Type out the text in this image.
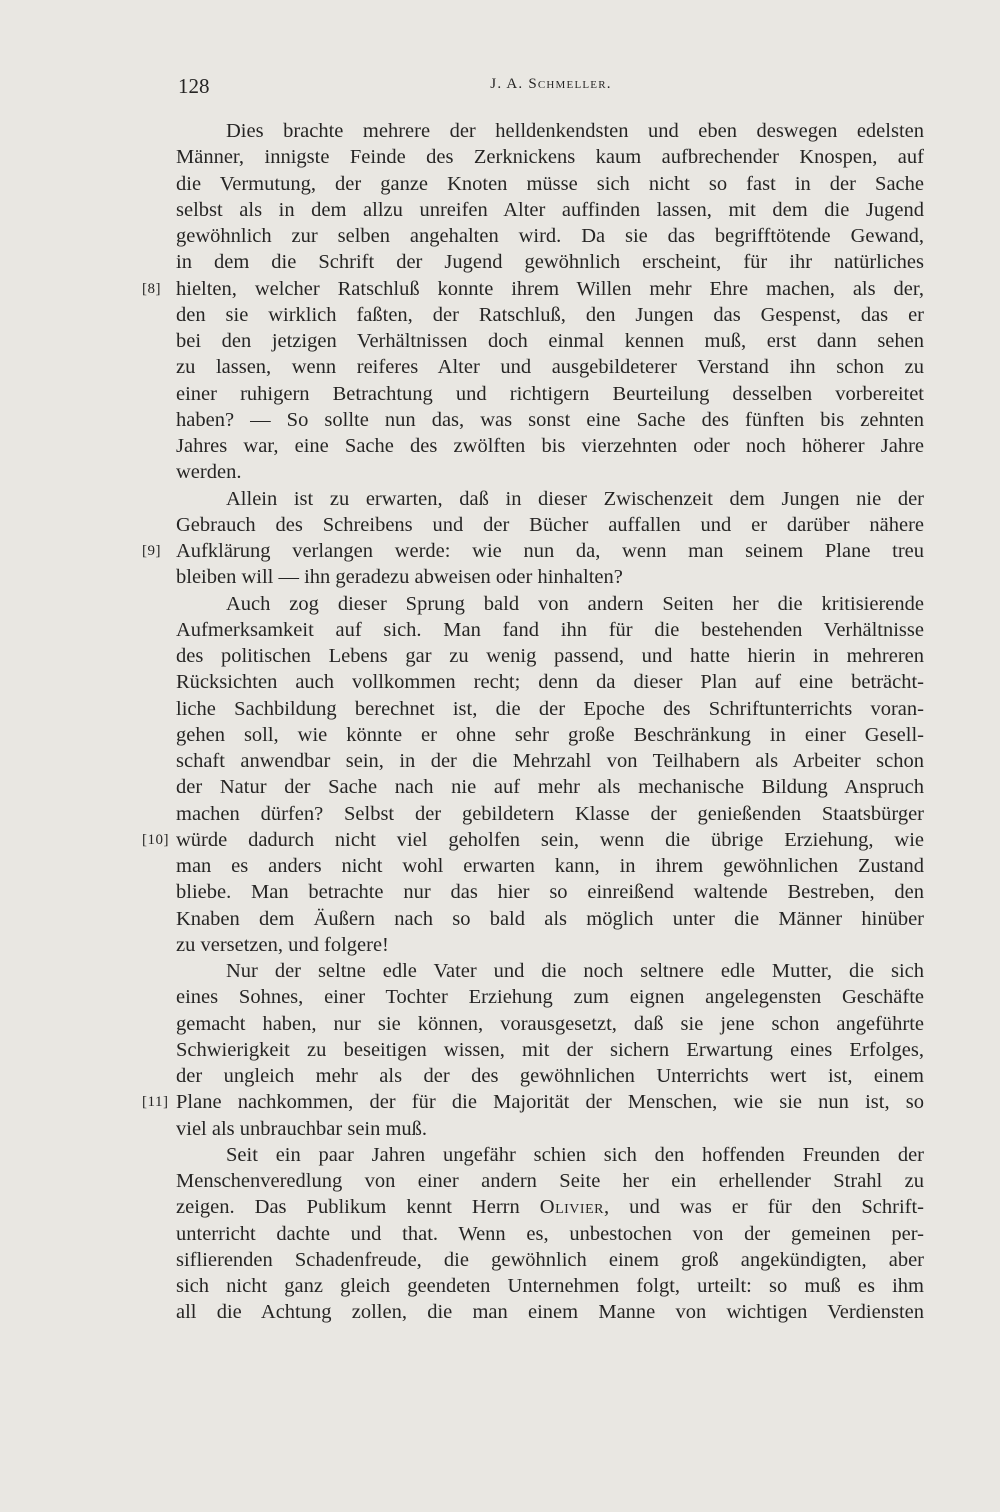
128	J. A. Schmeller.
Dies brachte mehrere der helldenkendsten und eben deswegen edelsten
Männer, innigste Feinde des Zerknickens kaum aufbrechender Knospen, auf
die Vermutung, der ganze Knoten müsse sich nicht so fast in der Sache
selbst als in dem allzu unreifen Alter auffinden lassen, mit dem die Jugend
gewöhnlich zur selben angehalten wird. Da sie das begrifftötende Gewand,
in dem die Schrift der Jugend gewöhnlich erscheint, für ihr natürliches
[8] hielten, welcher Ratschluß konnte ihrem Willen mehr Ehre machen, als der,
den sie wirklich faßten, der Ratschluß, den Jungen das Gespenst, das er
bei den jetzigen Verhältnissen doch einmal kennen muß, erst dann sehen
zu lassen, wenn reiferes Alter und ausgebildeterer Verstand ihn schon zu
einer ruhigern Betrachtung und richtigern Beurteilung desselben vorbereitet
haben? — So sollte nun das, was sonst eine Sache des fünften bis zehnten
Jahres war, eine Sache des zwölften bis vierzehnten oder noch höherer Jahre
werden.
Allein ist zu erwarten, daß in dieser Zwischenzeit dem Jungen nie der
Gebrauch des Schreibens und der Bücher auffallen und er darüber nähere
[9] Aufklärung verlangen werde: wie nun da, wenn man seinem Plane treu
bleiben will — ihn geradezu abweisen oder hinhalten?
Auch zog dieser Sprung bald von andern Seiten her die kritisierende
Aufmerksamkeit auf sich. Man fand ihn für die bestehenden Verhältnisse
des politischen Lebens gar zu wenig passend, und hatte hierin in mehreren
Rücksichten auch vollkommen recht; denn da dieser Plan auf eine beträcht-
liche Sachbildung berechnet ist, die der Epoche des Schriftunterrichts voran-
gehen soll, wie könnte er ohne sehr große Beschränkung in einer Gesell-
schaft anwendbar sein, in der die Mehrzahl von Teilhabern als Arbeiter schon
der Natur der Sache nach nie auf mehr als mechanische Bildung Anspruch
machen dürfen? Selbst der gebildetern Klasse der genießenden Staatsbürger
[10] würde dadurch nicht viel geholfen sein, wenn die übrige Erziehung, wie
man es anders nicht wohl erwarten kann, in ihrem gewöhnlichen Zustand
bliebe. Man betrachte nur das hier so einreißend waltende Bestreben, den
Knaben dem Äußern nach so bald als möglich unter die Männer hinüber
zu versetzen, und folgere!
Nur der seltne edle Vater und die noch seltnere edle Mutter, die sich
eines Sohnes, einer Tochter Erziehung zum eignen angelegensten Geschäfte
gemacht haben, nur sie können, vorausgesetzt, daß sie jene schon angeführte
Schwierigkeit zu beseitigen wissen, mit der sichern Erwartung eines Erfolges,
der ungleich mehr als der des gewöhnlichen Unterrichts wert ist, einem
[11] Plane nachkommen, der für die Majorität der Menschen, wie sie nun ist, so
viel als unbrauchbar sein muß.
Seit ein paar Jahren ungefähr schien sich den hoffenden Freunden der
Menschenveredlung von einer andern Seite her ein erhellender Strahl zu
zeigen. Das Publikum kennt Herrn Olivier, und was er für den Schrift-
unterricht dachte und that. Wenn es, unbestochen von der gemeinen per-
siflierenden Schadenfreude, die gewöhnlich einem groß angekündigten, aber
sich nicht ganz gleich geendeten Unternehmen folgt, urteilt: so muß es ihm
all die Achtung zollen, die man einem Manne von wichtigen Verdiensten
